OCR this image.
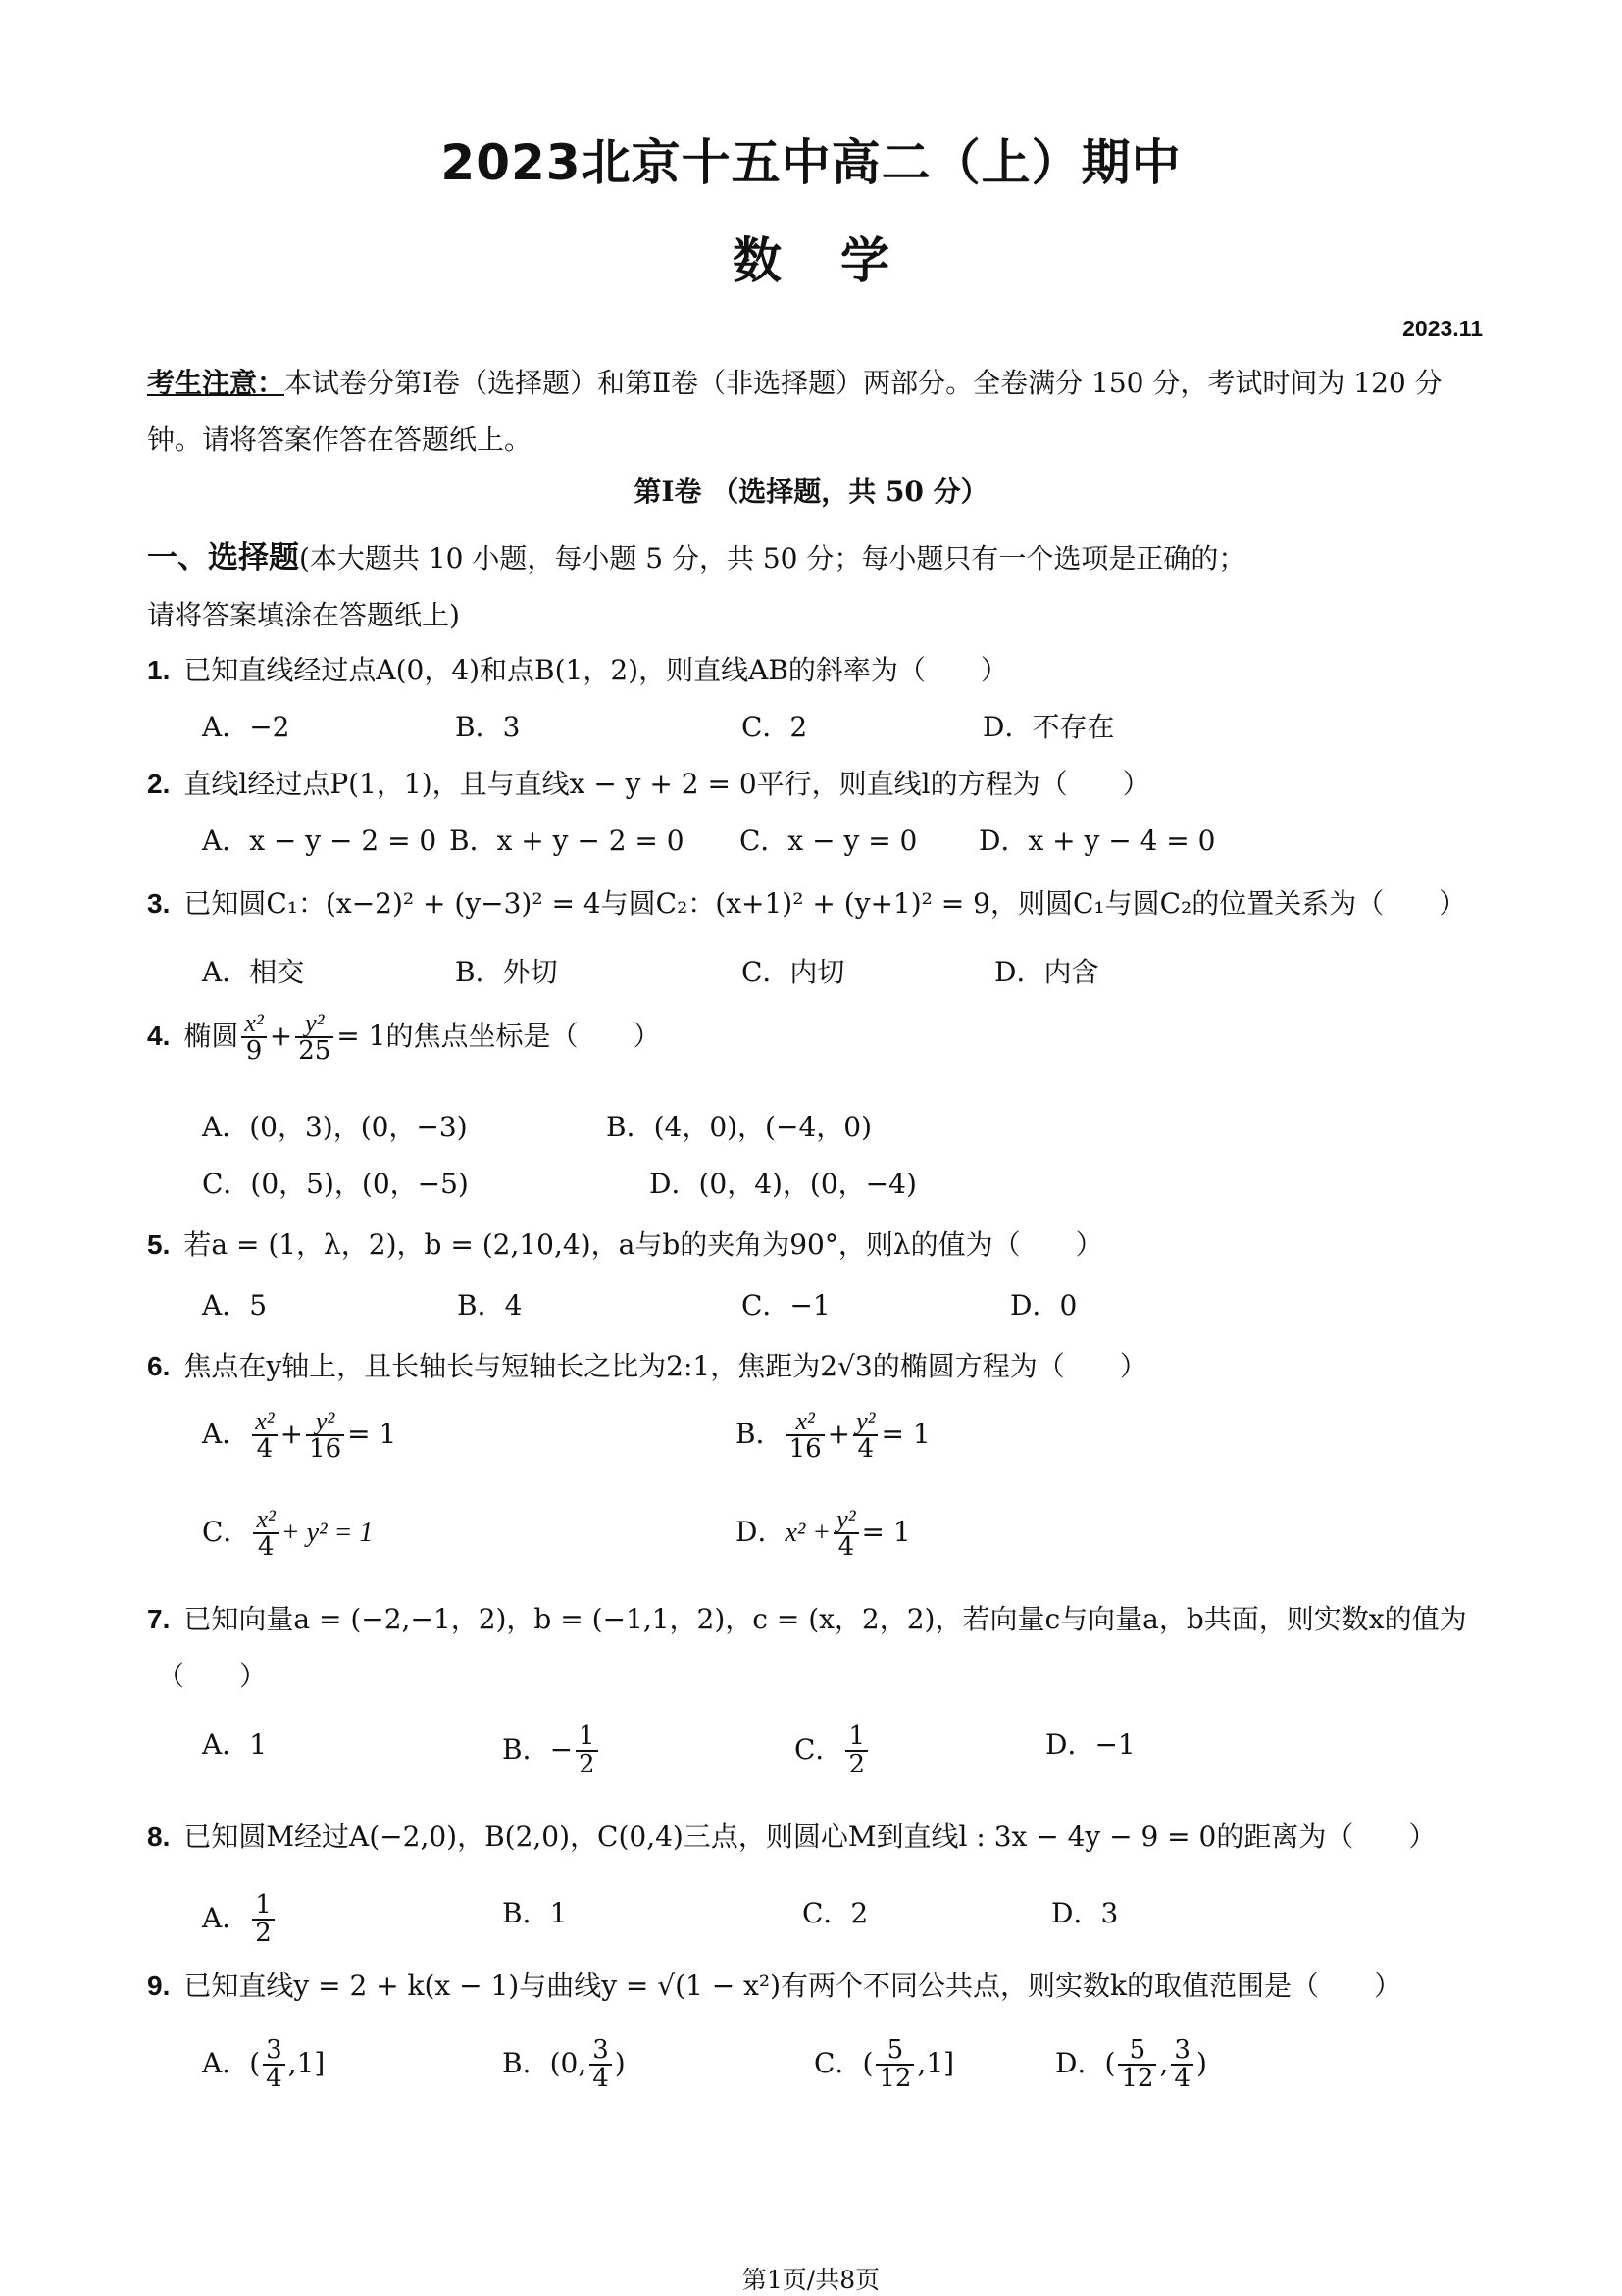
2023北京十五中高二（上）期中
数学
2023.11
考生注意：本试卷分第Ⅰ卷（选择题）和第Ⅱ卷（非选择题）两部分。全卷满分 150 分，考试时间为 120 分钟。请将答案作答在答题纸上。
第Ⅰ卷 （选择题，共 50 分）
一、选择题(本大题共 10 小题，每小题 5 分，共 50 分；每小题只有一个选项是正确的；
请将答案填涂在答题纸上)
1. 已知直线经过点A(0，4)和点B(1，2)，则直线AB的斜率为（　　）
A．−2	B．3	C．2	D．不存在
2. 直线l经过点P(1，1)，且与直线x − y + 2 = 0平行，则直线l的方程为（　　）
A．x − y − 2 = 0 B．x + y − 2 = 0 C．x − y = 0 D．x + y − 4 = 0
3. 已知圆C₁：(x−2)² + (y−3)² = 4与圆C₂：(x+1)² + (y+1)² = 9，则圆C₁与圆C₂的位置关系为（　　）
A．相交	B．外切	C．内切	D．内含
4. 椭圆 $\frac{\text{x²}}{9} + \frac{\text{y²}}{25} = 1$的焦点坐标是（　　）
A．(0，3)，(0，−3)	B．(4，0)，(−4，0)
C．(0，5)，(0，−5)	D．(0，4)，(0，−4)
5. 若a = (1，λ，2)，b = (2,10,4)，a与b的夹角为90°，则λ的值为（　　）
A．5	B．4	C．−1	D．0
6. 焦点在y轴上，且长轴长与短轴长之比为2:1，焦距为2√3的椭圆方程为（　　）
A． $\frac{\text{x²}}{4} + \frac{\text{y²}}{16} = 1$	B． $\frac{\text{x²}}{16} + \frac{\text{y²}}{4} = 1$
C． $\frac{\text{x²}}{4} + y^2 = 1$	D．$x^2 + \frac{\text{y²}}{4} = 1$
7. 已知向量a = (−2,−1，2)，b = (−1,1，2)，c = (x，2，2)，若向量c与向量a，b共面，则实数x的值为
（　　）
A．1	B．− $\frac{1}{2}$	C． $\frac{1}{2}$	D．−1
8. 已知圆M经过A(−2,0)，B(2,0)，C(0,4)三点，则圆心M到直线l : 3x − 4y − 9 = 0的距离为（　　）
A． $\frac{1}{2}$	B．1	C．2	D．3
9. 已知直线y = 2 + k(x − 1)与曲线y = √(1 − x²)有两个不同公共点，则实数k的取值范围是（　　）
A．( $\frac{3}{4} ,1$]	B．(0, $\frac{3}{4}$ )	C．( $\frac{5}{12} ,1$]	D．( $\frac{5}{12}$ , $\frac{3}{4}$ )
第1页/共8页
